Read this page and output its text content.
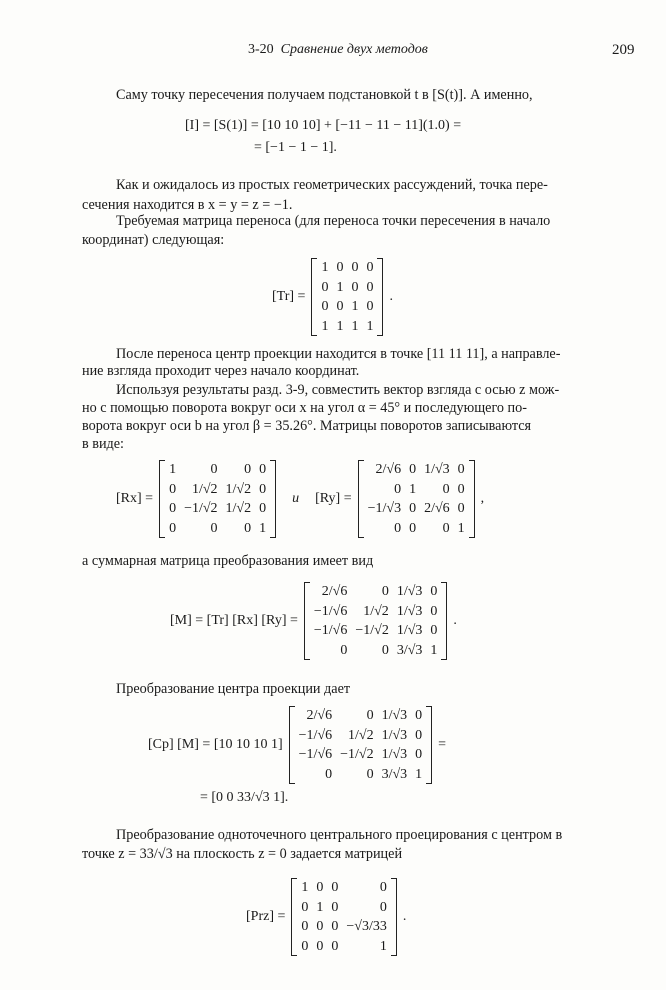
3-20 Сравнение двух методов	209
Саму точку пересечения получаем подстановкой t в [S(t)]. А именно,
[I] = [S(1)] = [10 10 10] + [−11 − 11 − 11](1.0) =
= [−1 − 1 − 1].
Как и ожидалось из простых геометрических рассуждений, точка пере-
сечения находится в x = y = z = −1.
Требуемая матрица переноса (для переноса точки пересечения в начало
координат) следующая:
[Tr] =
1 0 0 0
0 1 0 0
0 0 1 0
1 1 1 1
.
После переноса центр проекции находится в точке [11 11 11], а направле-
ние взгляда проходит через начало координат.
Используя результаты разд. 3-9, совместить вектор взгляда с осью z мож-
но с помощью поворота вокруг оси x на угол α = 45° и последующего по-
ворота вокруг оси b на угол β = 35.26°. Матрицы поворотов записываются
в виде:
[Rx] =
1	0	0 0
0	1/√2 1/√2 0
0 −1/√2 1/√2 0
0	0	0 1
и [Ry] =
2/√6 0 1/√3 0
0 1	0 0
−1/√3 0 2/√6 0
0 0	0 1
,
а суммарная матрица преобразования имеет вид
[M] = [Tr] [Rx] [Ry] =
2/√6	0 1/√3 0
−1/√6	1/√2 1/√3 0
−1/√6 −1/√2 1/√3 0
0	0 3/√3 1
.
Преобразование центра проекции дает
[Cp] [M] = [10 10 10 1]
2/√6	0 1/√3 0
−1/√6	1/√2 1/√3 0
−1/√6 −1/√2 1/√3 0
0	0 3/√3 1
=
= [0 0 33/√3 1].
Преобразование одноточечного центрального проецирования с центром в
точке z = 33/√3 на плоскость z = 0 задается матрицей
[Prz] =
1 0 0	0
0 1 0	0
0 0 0 −√3/33
0 0 0	1
.
